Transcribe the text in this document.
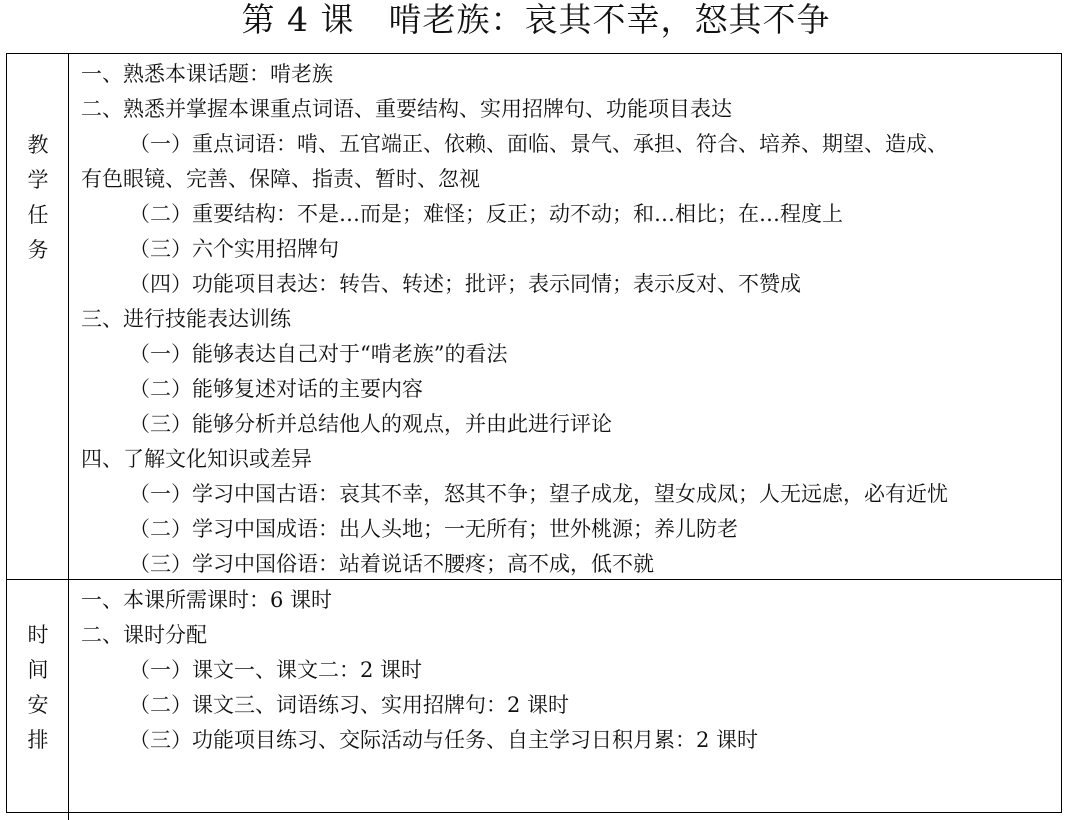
第 4 课　啃老族：哀其不幸，怒其不争
教
学
任
务
一、熟悉本课话题：啃老族
二、熟悉并掌握本课重点词语、重要结构、实用招牌句、功能项目表达
（一）重点词语：啃、五官端正、依赖、面临、景气、承担、符合、培养、期望、造成、
有色眼镜、完善、保障、指责、暂时、忽视
（二）重要结构：不是…而是；难怪；反正；动不动；和…相比；在…程度上
（三）六个实用招牌句
（四）功能项目表达：转告、转述；批评；表示同情；表示反对、不赞成
三、进行技能表达训练
（一）能够表达自己对于“啃老族”的看法
（二）能够复述对话的主要内容
（三）能够分析并总结他人的观点，并由此进行评论
四、了解文化知识或差异
（一）学习中国古语：哀其不幸，怒其不争；望子成龙，望女成凤；人无远虑，必有近忧
（二）学习中国成语：出人头地；一无所有；世外桃源；养儿防老
（三）学习中国俗语：站着说话不腰疼；高不成，低不就
时
间
安
排
一、本课所需课时：6 课时
二、课时分配
（一）课文一、课文二：2 课时
（二）课文三、词语练习、实用招牌句：2 课时
（三）功能项目练习、交际活动与任务、自主学习日积月累：2 课时
